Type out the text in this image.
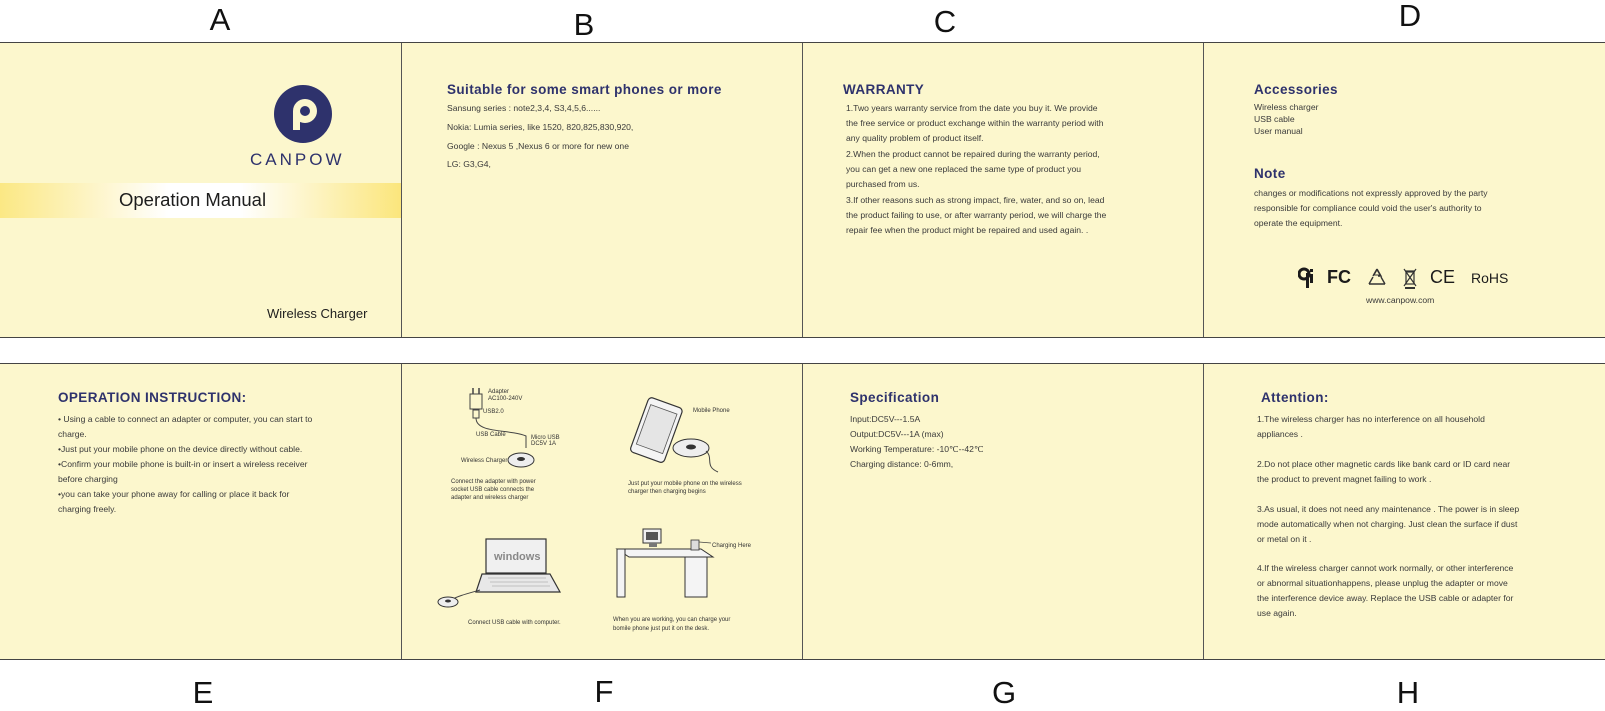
A	B	C	D
E	F	G	H
CANPOW
Operation Manual
Wireless Charger
Suitable for some smart phones or more
Sansung series : note2,3,4, S3,4,5,6......
Nokia: Lumia series, like 1520, 820,825,830,920,
Google : Nexus 5 ,Nexus 6 or more for new one
LG: G3,G4,
WARRANTY
1.Two years warranty service from the date you buy it. We provide
the free service or product exchange within the warranty period with
any quality problem of product itself.
2.When the product cannot be repaired during the warranty period,
you can get a new one replaced the same type of product you
purchased from us.
3.If other reasons such as strong impact, fire, water, and so on, lead
the product failing to use, or after warranty period, we will charge the
repair fee when the product might be repaired and used again. .
Accessories
Wireless charger
USB cable
User manual
Note
changes or modifications not expressly approved by the party
responsible for compliance could void the user's authority to
operate the equipment.
FC	CE RoHS
www.canpow.com
OPERATION INSTRUCTION:
• Using a cable to connect an adapter or computer, you can start to
charge.
•Just put your mobile phone on the device directly without cable.
•Confirm your mobile phone is built-in or insert a wireless receiver
before charging
•you can take your phone away for calling or place it back for
charging freely.
Adapter
AC100-240V
USB2.0
USB Cable	Micro USB
DC5V 1A
Wireless Charger
Connect the adapter with power
socket USB cable connects the
adapter and wireless charger
Mobile Phone
Just put your mobile phone on the wireless
charger then charging begins
windows
Connect USB cable with computer.
Charging Here
When you are working, you can charge your
bomile phone just put it on the desk.
Specification
Input:DC5V---1.5A
Output:DC5V---1A (max)
Working Temperature: -10℃--42℃
Charging distance: 0-6mm,
Attention:
1.The wireless charger has no interference on all household
appliances .
2.Do not place other magnetic cards like bank card or ID card near
the product to prevent magnet failing to work .
3.As usual, it does not need any maintenance . The power is in sleep
mode automatically when not charging. Just clean the surface if dust
or metal on it .
4.If the wireless charger cannot work normally, or other interference
or abnormal situationhappens, please unplug the adapter or move
the interference device away. Replace the USB cable or adapter for
use again.
